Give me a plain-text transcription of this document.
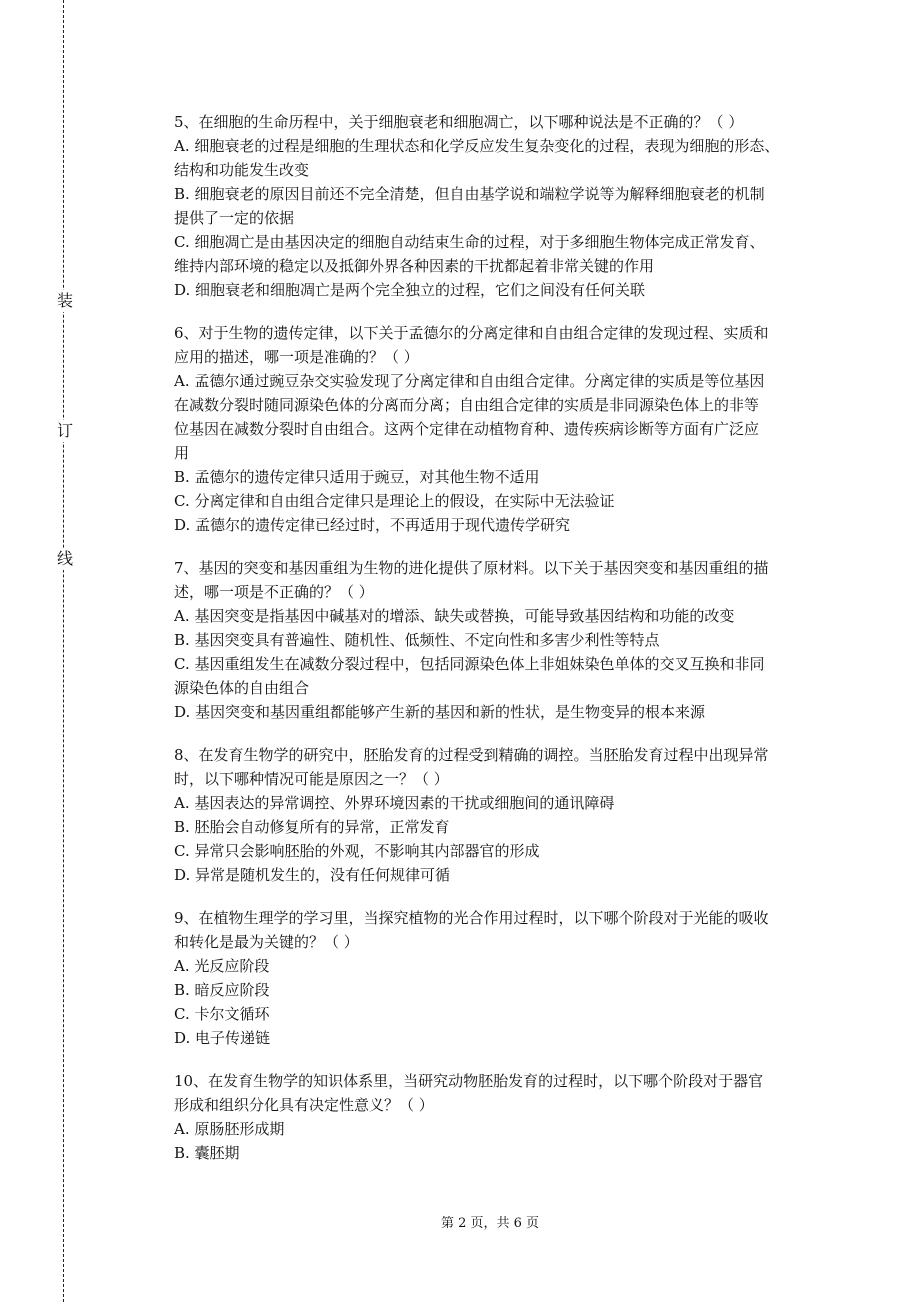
装
订
线
5、在细胞的生命历程中，关于细胞衰老和细胞凋亡，以下哪种说法是不正确的？（ ）
A. 细胞衰老的过程是细胞的生理状态和化学反应发生复杂变化的过程，表现为细胞的形态、
结构和功能发生改变
B. 细胞衰老的原因目前还不完全清楚，但自由基学说和端粒学说等为解释细胞衰老的机制
提供了一定的依据
C. 细胞凋亡是由基因决定的细胞自动结束生命的过程，对于多细胞生物体完成正常发育、
维持内部环境的稳定以及抵御外界各种因素的干扰都起着非常关键的作用
D. 细胞衰老和细胞凋亡是两个完全独立的过程，它们之间没有任何关联
6、对于生物的遗传定律，以下关于孟德尔的分离定律和自由组合定律的发现过程、实质和
应用的描述，哪一项是准确的？（ ）
A. 孟德尔通过豌豆杂交实验发现了分离定律和自由组合定律。分离定律的实质是等位基因
在减数分裂时随同源染色体的分离而分离；自由组合定律的实质是非同源染色体上的非等
位基因在减数分裂时自由组合。这两个定律在动植物育种、遗传疾病诊断等方面有广泛应
用
B. 孟德尔的遗传定律只适用于豌豆，对其他生物不适用
C. 分离定律和自由组合定律只是理论上的假设，在实际中无法验证
D. 孟德尔的遗传定律已经过时，不再适用于现代遗传学研究
7、基因的突变和基因重组为生物的进化提供了原材料。以下关于基因突变和基因重组的描
述，哪一项是不正确的？（ ）
A. 基因突变是指基因中碱基对的增添、缺失或替换，可能导致基因结构和功能的改变
B. 基因突变具有普遍性、随机性、低频性、不定向性和多害少利性等特点
C. 基因重组发生在减数分裂过程中，包括同源染色体上非姐妹染色单体的交叉互换和非同
源染色体的自由组合
D. 基因突变和基因重组都能够产生新的基因和新的性状，是生物变异的根本来源
8、在发育生物学的研究中，胚胎发育的过程受到精确的调控。当胚胎发育过程中出现异常
时，以下哪种情况可能是原因之一？（ ）
A. 基因表达的异常调控、外界环境因素的干扰或细胞间的通讯障碍
B. 胚胎会自动修复所有的异常，正常发育
C. 异常只会影响胚胎的外观，不影响其内部器官的形成
D. 异常是随机发生的，没有任何规律可循
9、在植物生理学的学习里，当探究植物的光合作用过程时，以下哪个阶段对于光能的吸收
和转化是最为关键的？（ ）
A. 光反应阶段
B. 暗反应阶段
C. 卡尔文循环
D. 电子传递链
10、在发育生物学的知识体系里，当研究动物胚胎发育的过程时，以下哪个阶段对于器官
形成和组织分化具有决定性意义？（ ）
A. 原肠胚形成期
B. 囊胚期
第 2 页，共 6 页
